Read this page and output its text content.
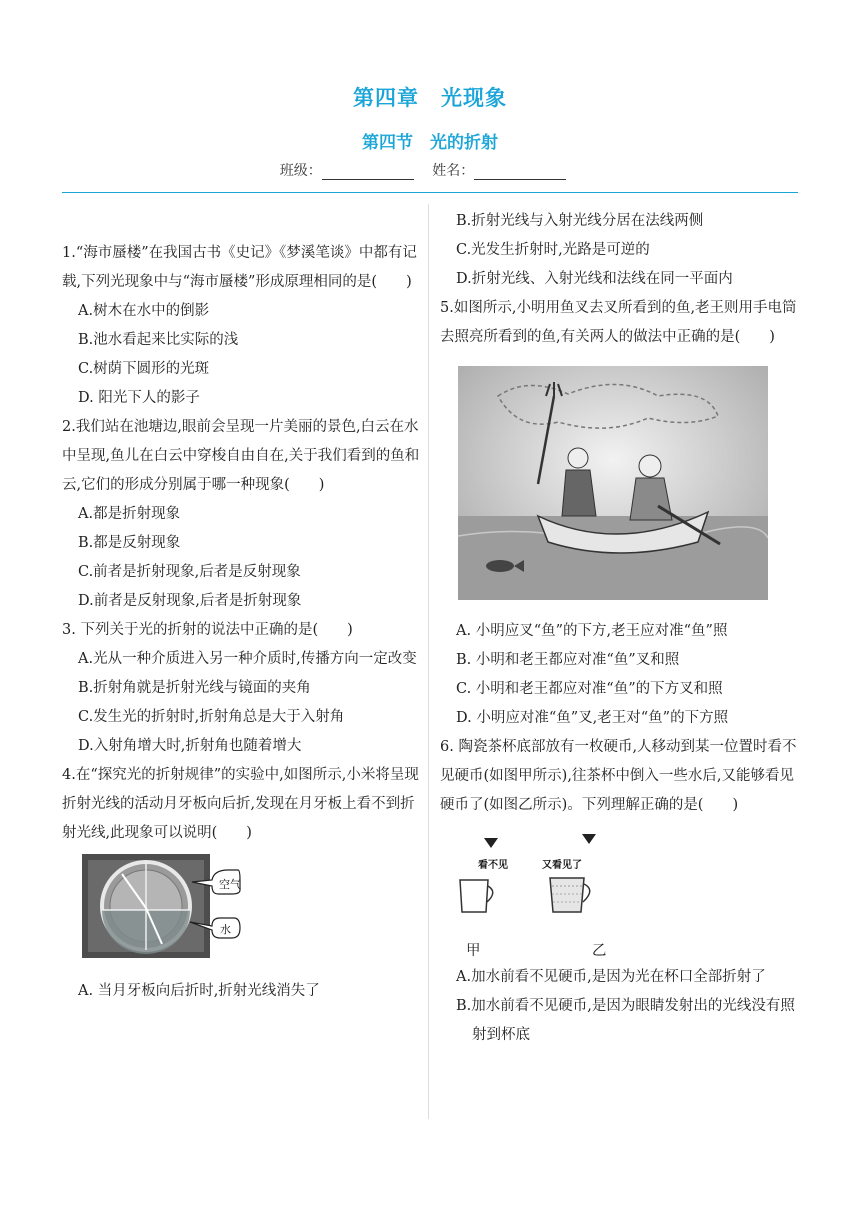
第四章　光现象
第四节　光的折射
班级：	姓名：

1.“海市蜃楼”在我国古书《史记》《梦溪笔谈》中都有记载,下列光现象中与“海市蜃楼”形成原理相同的是(　　)

A.树木在水中的倒影

B.池水看起来比实际的浅

C.树荫下圆形的光斑

D. 阳光下人的影子

2.我们站在池塘边,眼前会呈现一片美丽的景色,白云在水中呈现,鱼儿在白云中穿梭自由自在,关于我们看到的鱼和云,它们的形成分别属于哪一种现象(　　)

A.都是折射现象

B.都是反射现象

C.前者是折射现象,后者是反射现象

D.前者是反射现象,后者是折射现象

3. 下列关于光的折射的说法中正确的是(　　)

A.光从一种介质进入另一种介质时,传播方向一定改变

B.折射角就是折射光线与镜面的夹角

C.发生光的折射时,折射角总是大于入射角

D.入射角增大时,折射角也随着增大

4.在“探究光的折射规律”的实验中,如图所示,小米将呈现折射光线的活动月牙板向后折,发现在月牙板上看不到折射光线,此现象可以说明(　　)

空气
水

A. 当月牙板向后折时,折射光线消失了

B.折射光线与入射光线分居在法线两侧

C.光发生折射时,光路是可逆的

D.折射光线、入射光线和法线在同一平面内

5.如图所示,小明用鱼叉去叉所看到的鱼,老王则用手电筒去照亮所看到的鱼,有关两人的做法中正确的是(　　)

A. 小明应叉“鱼”的下方,老王应对准“鱼”照

B. 小明和老王都应对准“鱼”叉和照

C. 小明和老王都应对准“鱼”的下方叉和照

D. 小明应对准“鱼”叉,老王对“鱼”的下方照

6. 陶瓷茶杯底部放有一枚硬币,人移动到某一位置时看不见硬币(如图甲所示),往茶杯中倒入一些水后,又能够看见硬币了(如图乙所示)。下列理解正确的是(　　)

看不见	又看见了
甲	乙

A.加水前看不见硬币,是因为光在杯口全部折射了

B.加水前看不见硬币,是因为眼睛发射出的光线没有照射到杯底
